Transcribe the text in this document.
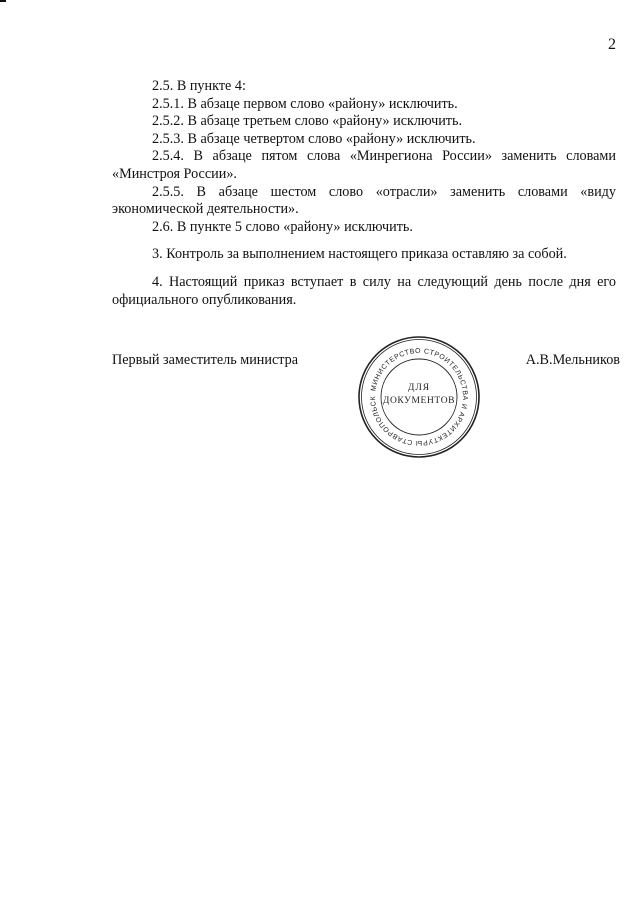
2

2.5. В пункте 4:

2.5.1. В абзаце первом слово «району» исключить.

2.5.2. В абзаце третьем слово «району» исключить.

2.5.3. В абзаце четвертом слово «району» исключить.

2.5.4. В абзаце пятом слова «Минрегиона России» заменить словами «Минстроя России».

2.5.5. В абзаце шестом слово «отрасли» заменить словами «виду экономической деятельности».

2.6. В пункте 5 слово «району» исключить.

3. Контроль за выполнением настоящего приказа оставляю за собой.

4. Настоящий приказ вступает в силу на следующий день после дня его официального опубликования.

Первый заместитель министра	А.В.Мельников
МИНИСТЕРСТВО СТРОИТЕЛЬСТВА И АРХИТЕКТУРЫ СТАВРОПОЛЬСК
ДЛЯ
ДОКУМЕНТОВ
